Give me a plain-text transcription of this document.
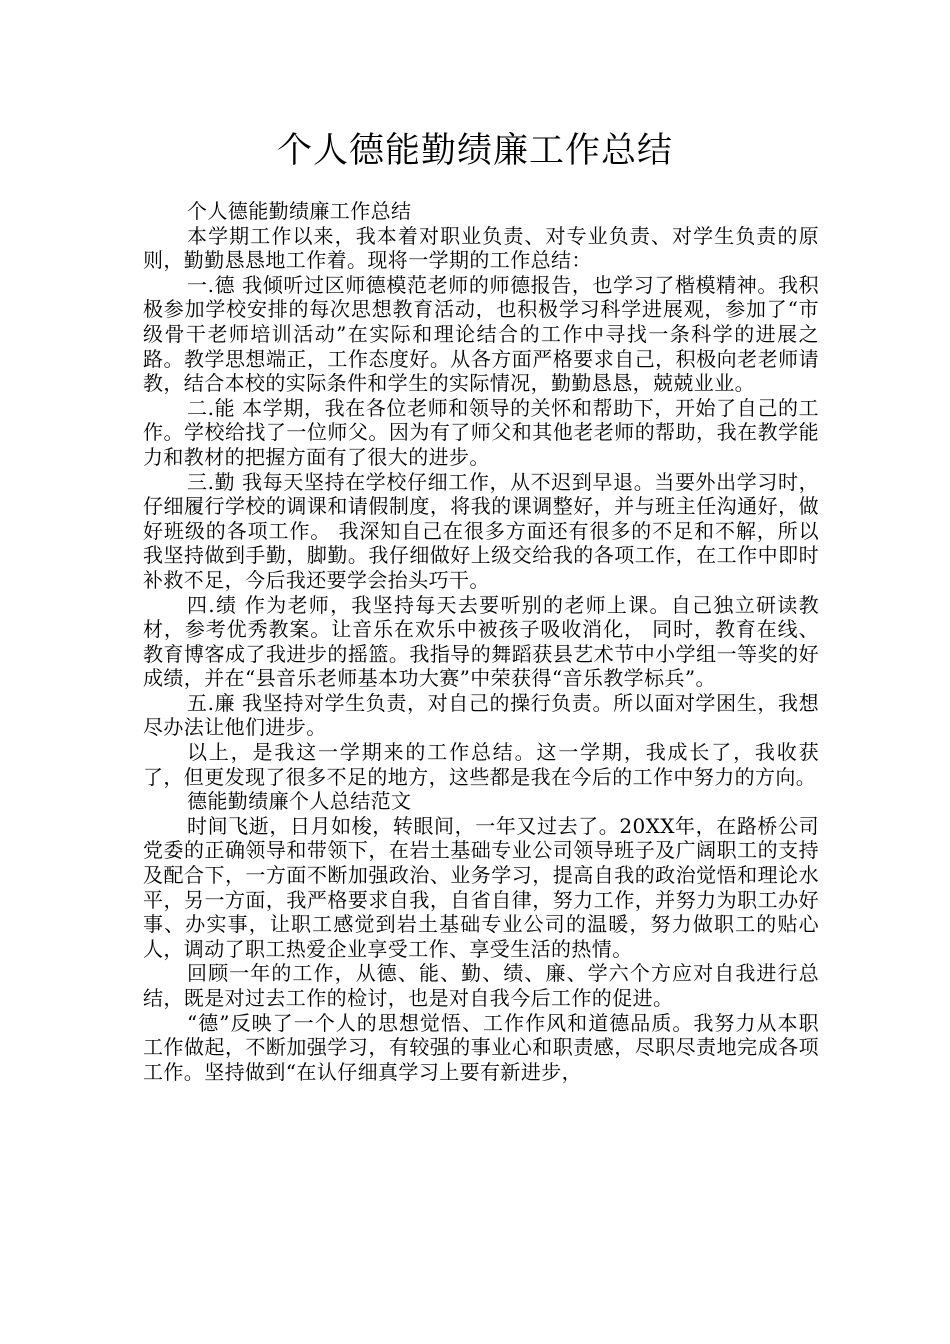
个人德能勤绩廉工作总结

个人德能勤绩廉工作总结

本学期工作以来，我本着对职业负责、对专业负责、对学生负责的原则，勤勤恳恳地工作着。现将一学期的工作总结：

一.德 我倾听过区师德模范老师的师德报告，也学习了楷模精神。我积极参加学校安排的每次思想教育活动，也积极学习科学进展观，参加了“市级骨干老师培训活动”在实际和理论结合的工作中寻找一条科学的进展之路。教学思想端正，工作态度好。从各方面严格要求自己，积极向老老师请教，结合本校的实际条件和学生的实际情况，勤勤恳恳，兢兢业业。

二.能 本学期，我在各位老师和领导的关怀和帮助下，开始了自己的工作。学校给找了一位师父。因为有了师父和其他老老师的帮助，我在教学能力和教材的把握方面有了很大的进步。

三.勤 我每天坚持在学校仔细工作，从不迟到早退。当要外出学习时，仔细履行学校的调课和请假制度，将我的课调整好，并与班主任沟通好，做好班级的各项工作。 我深知自己在很多方面还有很多的不足和不解，所以我坚持做到手勤，脚勤。我仔细做好上级交给我的各项工作，在工作中即时补救不足，今后我还要学会抬头巧干。

四.绩 作为老师，我坚持每天去要听别的老师上课。自己独立研读教材，参考优秀教案。让音乐在欢乐中被孩子吸收消化， 同时，教育在线、教育博客成了我进步的摇篮。我指导的舞蹈获县艺术节中小学组一等奖的好成绩，并在“县音乐老师基本功大赛”中荣获得“音乐教学标兵”。

五.廉 我坚持对学生负责，对自己的操行负责。所以面对学困生，我想尽办法让他们进步。

以上，是我这一学期来的工作总结。这一学期，我成长了，我收获了，但更发现了很多不足的地方，这些都是我在今后的工作中努力的方向。

德能勤绩廉个人总结范文

时间飞逝，日月如梭，转眼间，一年又过去了。20XX年，在路桥公司党委的正确领导和带领下，在岩土基础专业公司领导班子及广阔职工的支持及配合下，一方面不断加强政治、业务学习，提高自我的政治觉悟和理论水平，另一方面，我严格要求自我，自省自律，努力工作，并努力为职工办好事、办实事，让职工感觉到岩土基础专业公司的温暖，努力做职工的贴心人，调动了职工热爱企业享受工作、享受生活的热情。

回顾一年的工作，从德、能、勤、绩、廉、学六个方应对自我进行总结，既是对过去工作的检讨，也是对自我今后工作的促进。

“德”反映了一个人的思想觉悟、工作作风和道德品质。我努力从本职工作做起，不断加强学习，有较强的事业心和职责感，尽职尽责地完成各项工作。坚持做到“在认仔细真学习上要有新进步，
